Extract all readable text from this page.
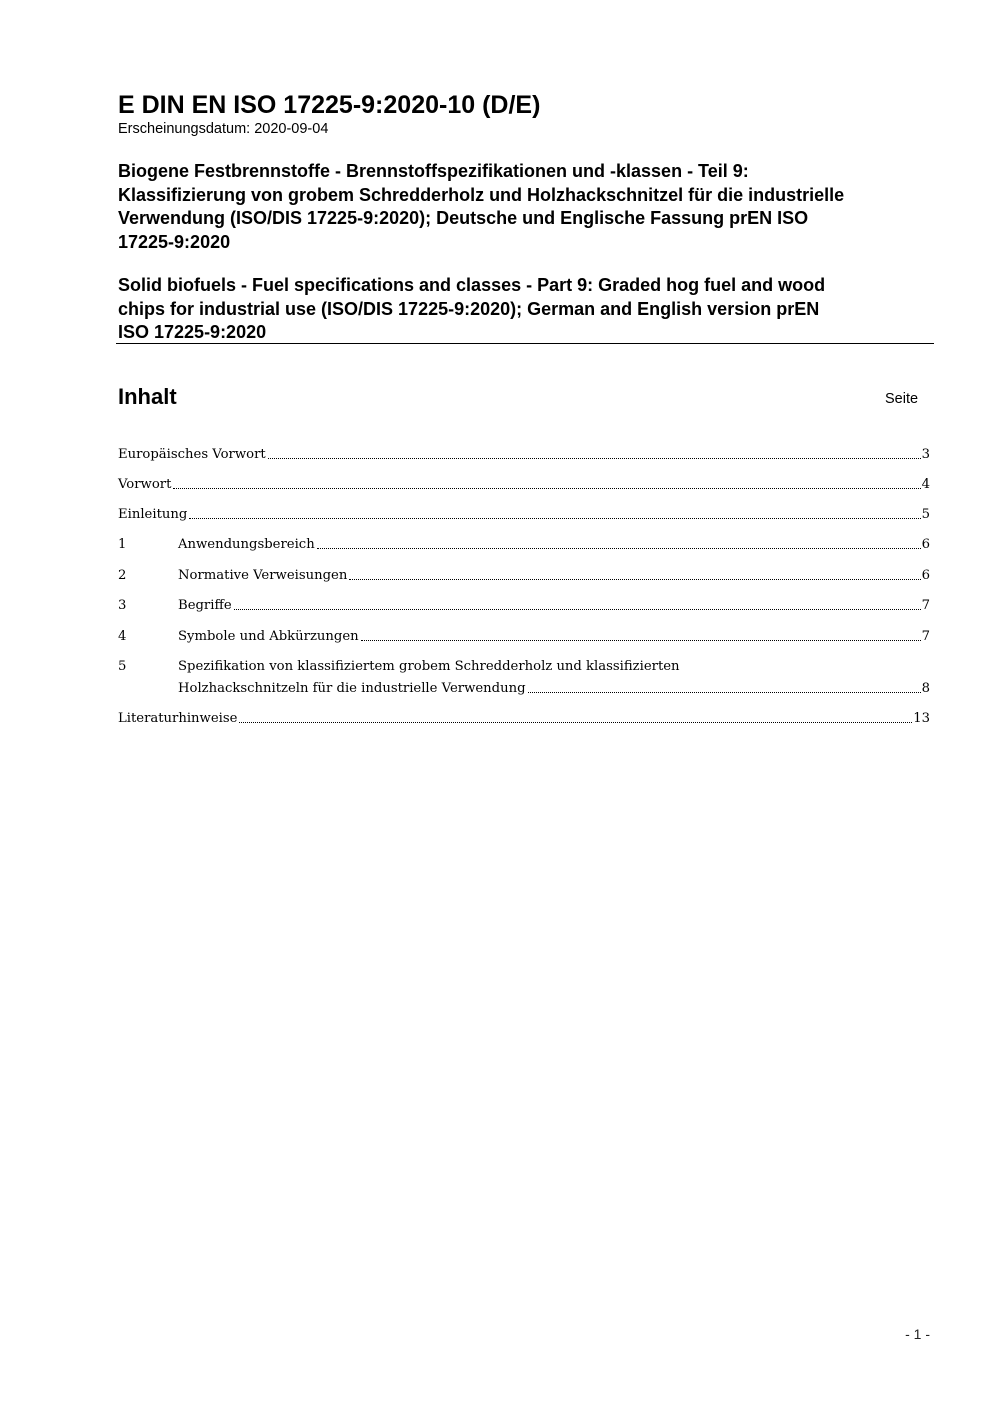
E DIN EN ISO 17225-9:2020-10 (D/E)

Erscheinungsdatum: 2020-09-04

Biogene Festbrennstoffe - Brennstoffspezifikationen und -klassen - Teil 9:
Klassifizierung von grobem Schredderholz und Holzhackschnitzel für die industrielle
Verwendung (ISO/DIS 17225-9:2020); Deutsche und Englische Fassung prEN ISO
17225-9:2020
Solid biofuels - Fuel specifications and classes - Part 9: Graded hog fuel and wood
chips for industrial use (ISO/DIS 17225-9:2020); German and English version prEN
ISO 17225-9:2020
Inhalt	Seite
Europäisches Vorwort	3
Vorwort	4
Einleitung	5
1	Anwendungsbereich	6
2	Normative Verweisungen	6
3	Begriffe	7
4	Symbole und Abkürzungen	7
5	Spezifikation von klassifiziertem grobem Schredderholz und klassifizierten
Holzhackschnitzeln für die industrielle Verwendung	8
Literaturhinweise	13
- 1 -
